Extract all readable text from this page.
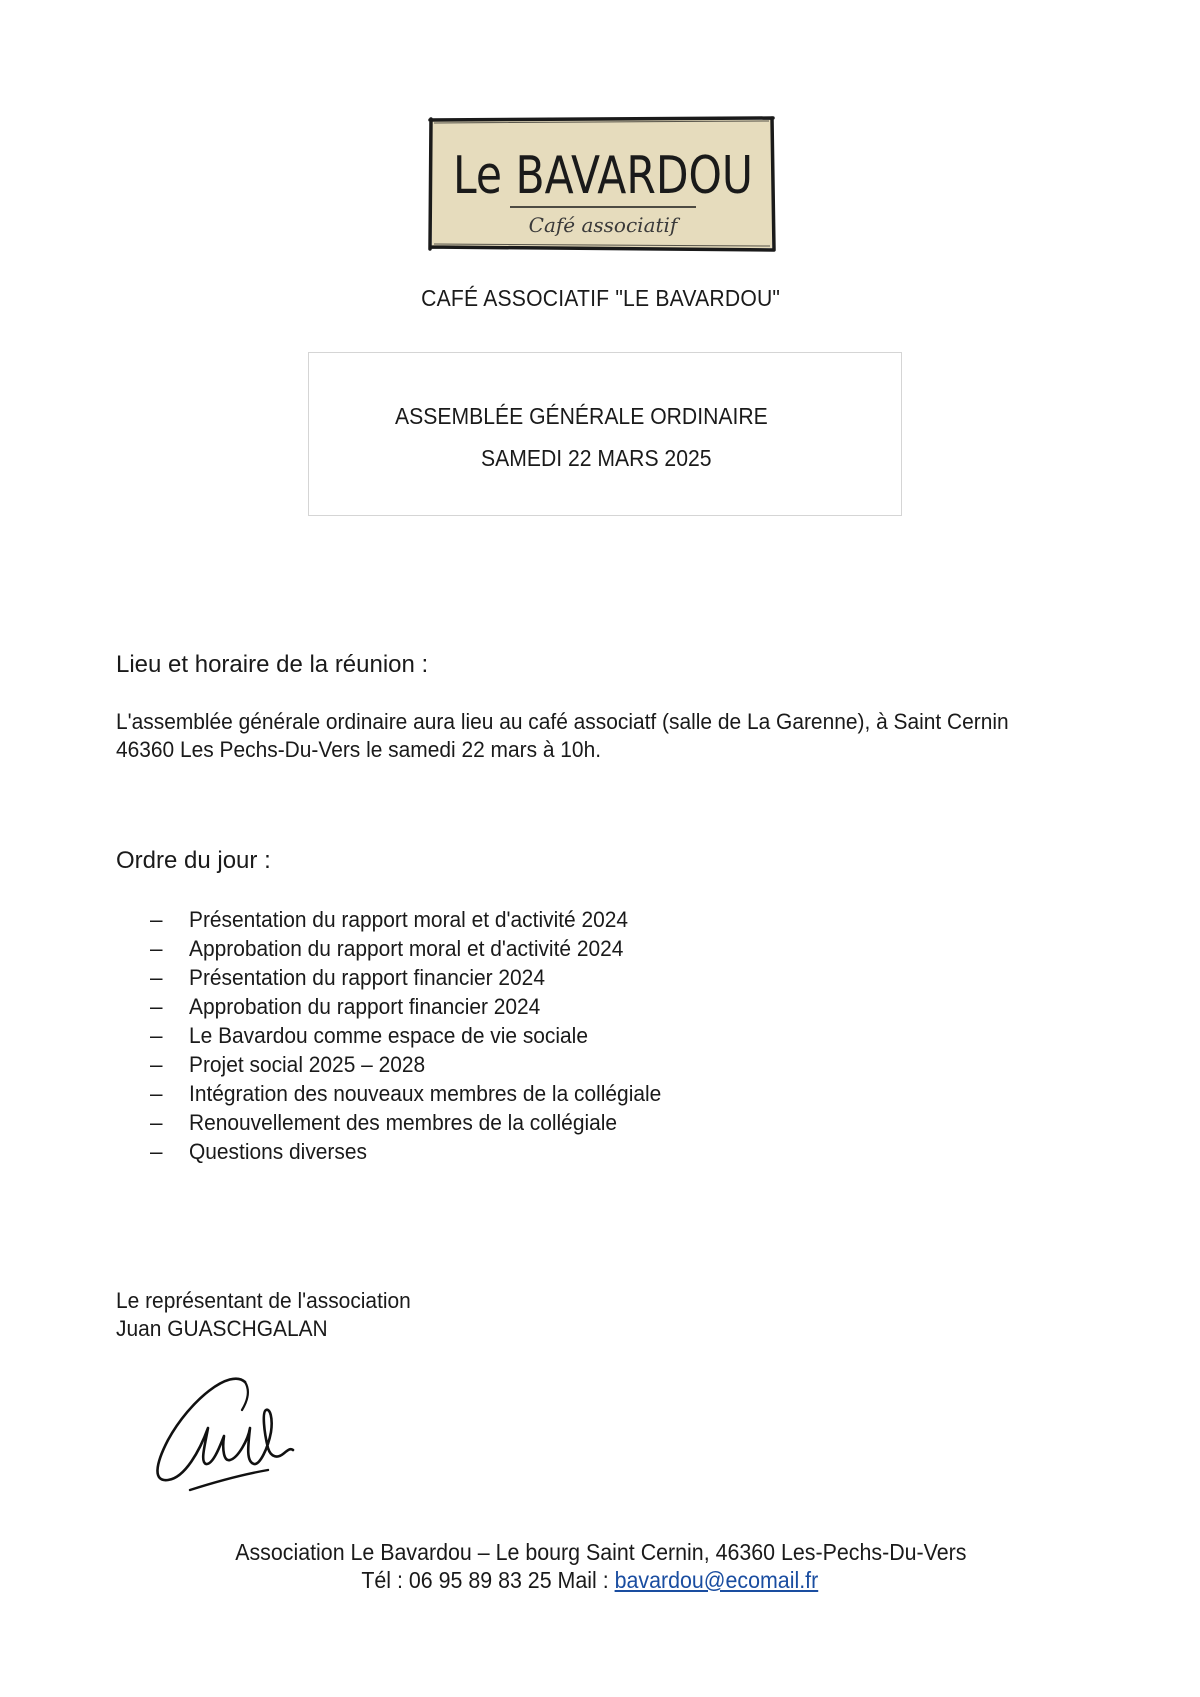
Le BAVARDOU
Café associatif
CAFÉ ASSOCIATIF "LE BAVARDOU"
ASSEMBLÉE GÉNÉRALE ORDINAIRE
SAMEDI 22 MARS 2025
Lieu et horaire de la réunion :
L'assemblée générale ordinaire aura lieu au café associatf (salle de La Garenne), à Saint Cernin
46360 Les Pechs-Du-Vers le samedi 22 mars à 10h.
Ordre du jour :
–	Présentation du rapport moral et d'activité 2024
–	Approbation du rapport moral et d'activité 2024
–	Présentation du rapport financier 2024
–	Approbation du rapport financier 2024
–	Le Bavardou comme espace de vie sociale
–	Projet social 2025 – 2028
–	Intégration des nouveaux membres de la collégiale
–	Renouvellement des membres de la collégiale
–	Questions diverses
Le représentant de l'association
Juan GUASCHGALAN
Association Le Bavardou – Le bourg Saint Cernin, 46360 Les-Pechs-Du-Vers
Tél : 06 95 89 83 25 Mail : bavardou@ecomail.fr
